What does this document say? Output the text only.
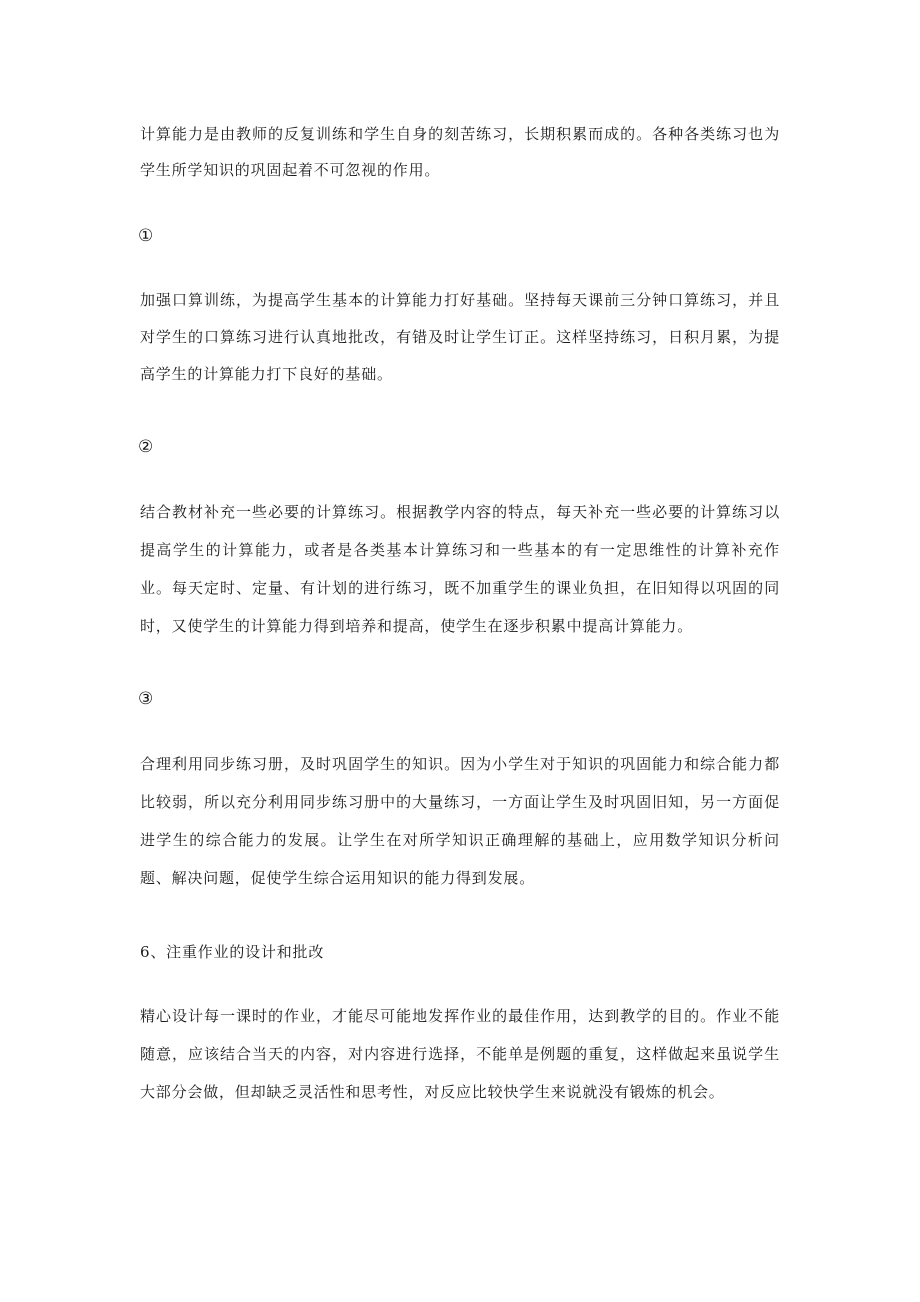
计算能力是由教师的反复训练和学生自身的刻苦练习，长期积累而成的。各种各类练习也为学生所学知识的巩固起着不可忽视的作用。

①

加强口算训练，为提高学生基本的计算能力打好基础。坚持每天课前三分钟口算练习，并且对学生的口算练习进行认真地批改，有错及时让学生订正。这样坚持练习，日积月累，为提高学生的计算能力打下良好的基础。

②

结合教材补充一些必要的计算练习。根据教学内容的特点，每天补充一些必要的计算练习以提高学生的计算能力，或者是各类基本计算练习和一些基本的有一定思维性的计算补充作业。每天定时、定量、有计划的进行练习，既不加重学生的课业负担，在旧知得以巩固的同时，又使学生的计算能力得到培养和提高，使学生在逐步积累中提高计算能力。

③

合理利用同步练习册，及时巩固学生的知识。因为小学生对于知识的巩固能力和综合能力都比较弱，所以充分利用同步练习册中的大量练习，一方面让学生及时巩固旧知，另一方面促进学生的综合能力的发展。让学生在对所学知识正确理解的基础上，应用数学知识分析问题、解决问题，促使学生综合运用知识的能力得到发展。

6、注重作业的设计和批改

精心设计每一课时的作业，才能尽可能地发挥作业的最佳作用，达到教学的目的。作业不能随意，应该结合当天的内容，对内容进行选择，不能单是例题的重复，这样做起来虽说学生大部分会做，但却缺乏灵活性和思考性，对反应比较快学生来说就没有锻炼的机会。
